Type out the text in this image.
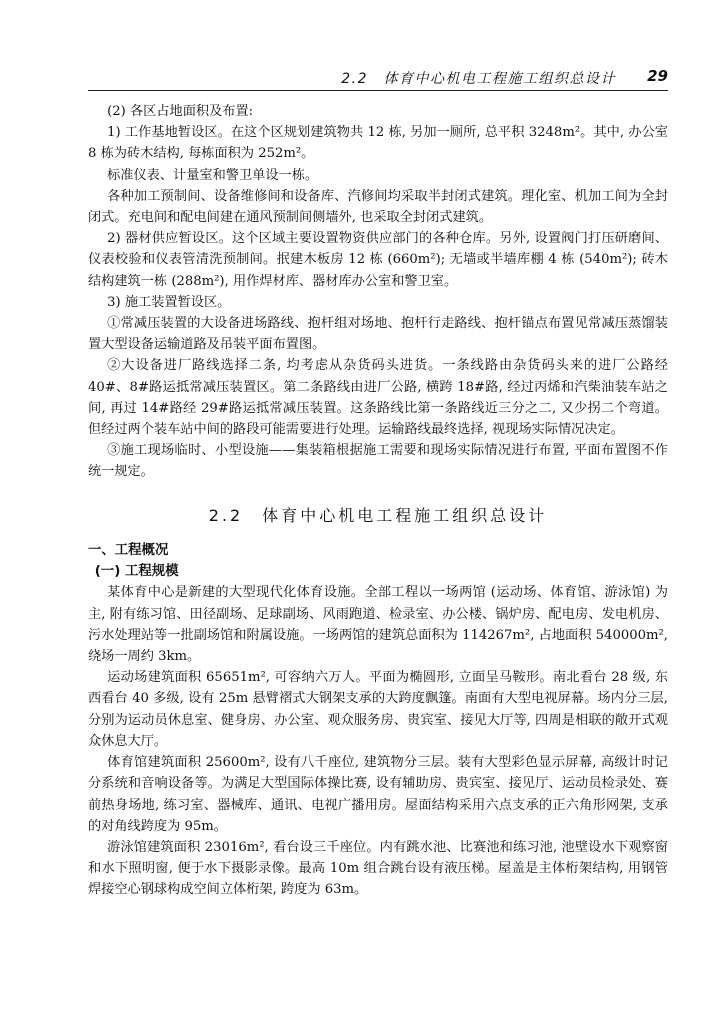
2.2　体育中心机电工程施工组织总设计 29

(2) 各区占地面积及布置:

1) 工作基地暂设区。在这个区规划建筑物共 12 栋, 另加一厕所, 总平积 3248m²。其中, 办公室 8 栋为砖木结构, 每栋面积为 252m²。

标准仪表、计量室和警卫单设一栋。

各种加工预制间、设备维修间和设备库、汽修间均采取半封闭式建筑。理化室、机加工间为全封闭式。充电间和配电间建在通风预制间侧墙外, 也采取全封闭式建筑。

2) 器材供应暂设区。这个区域主要设置物资供应部门的各种仓库。另外, 设置阀门打压研磨间、仪表校验和仪表管清洗预制间。抿建木板房 12 栋 (660m²); 无墙或半墙库棚 4 栋 (540m²); 砖木结构建筑一栋 (288m²), 用作焊材库、器材库办公室和警卫室。

3) 施工装置暂设区。

①常减压装置的大设备进场路线、抱杆组对场地、抱杆行走路线、抱杆锚点布置见常减压蒸馏装置大型设备运输道路及吊装平面布置图。

②大设备进厂路线选择二条, 均考虑从杂货码头进货。一条线路由杂货码头来的进厂公路经 40#、8#路运抵常减压装置区。第二条路线由进厂公路, 横跨 18#路, 经过丙烯和汽柴油装车站之间, 再过 14#路经 29#路运抵常减压装置。这条路线比第一条路线近三分之二, 又少拐二个弯道。但经过两个装车站中间的路段可能需要进行处理。运输路线最终选择, 视现场实际情况决定。

③施工现场临时、小型设施——集装箱根据施工需要和现场实际情况进行布置, 平面布置图不作统一规定。

2.2　体育中心机电工程施工组织总设计

一、工程概况

(一) 工程规模

某体育中心是新建的大型现代化体育设施。全部工程以一场两馆 (运动场、体育馆、游泳馆) 为主, 附有练习馆、田径副场、足球副场、风雨跑道、检录室、办公楼、锅炉房、配电房、发电机房、污水处理站等一批副场馆和附属设施。一场两馆的建筑总面积为 114267m², 占地面积 540000m², 绕场一周约 3km。

运动场建筑面积 65651m², 可容纳六万人。平面为椭圆形, 立面呈马鞍形。南北看台 28 级, 东西看台 40 多级, 设有 25m 悬臂褶式大钢架支承的大跨度飘篷。南面有大型电视屏幕。场内分三层, 分别为运动员休息室、健身房、办公室、观众服务房、贵宾室、接见大厅等, 四周是相联的敞开式观众休息大厅。

体育馆建筑面积 25600m², 设有八千座位, 建筑物分三层。装有大型彩色显示屏幕, 高级计时记分系统和音响设备等。为满足大型国际体操比赛, 设有辅助房、贵宾室、接见厅、运动员检录处、赛前热身场地, 练习室、器械库、通讯、电视广播用房。屋面结构采用六点支承的正六角形网架, 支承的对角线跨度为 95m。

游泳馆建筑面积 23016m², 看台设三千座位。内有跳水池、比赛池和练习池, 池壁设水下观察窗和水下照明窗, 便于水下摄影录像。最高 10m 组合跳台设有液压梯。屋盖是主体桁架结构, 用钢管焊接空心钢球构成空间立体桁架, 跨度为 63m。
